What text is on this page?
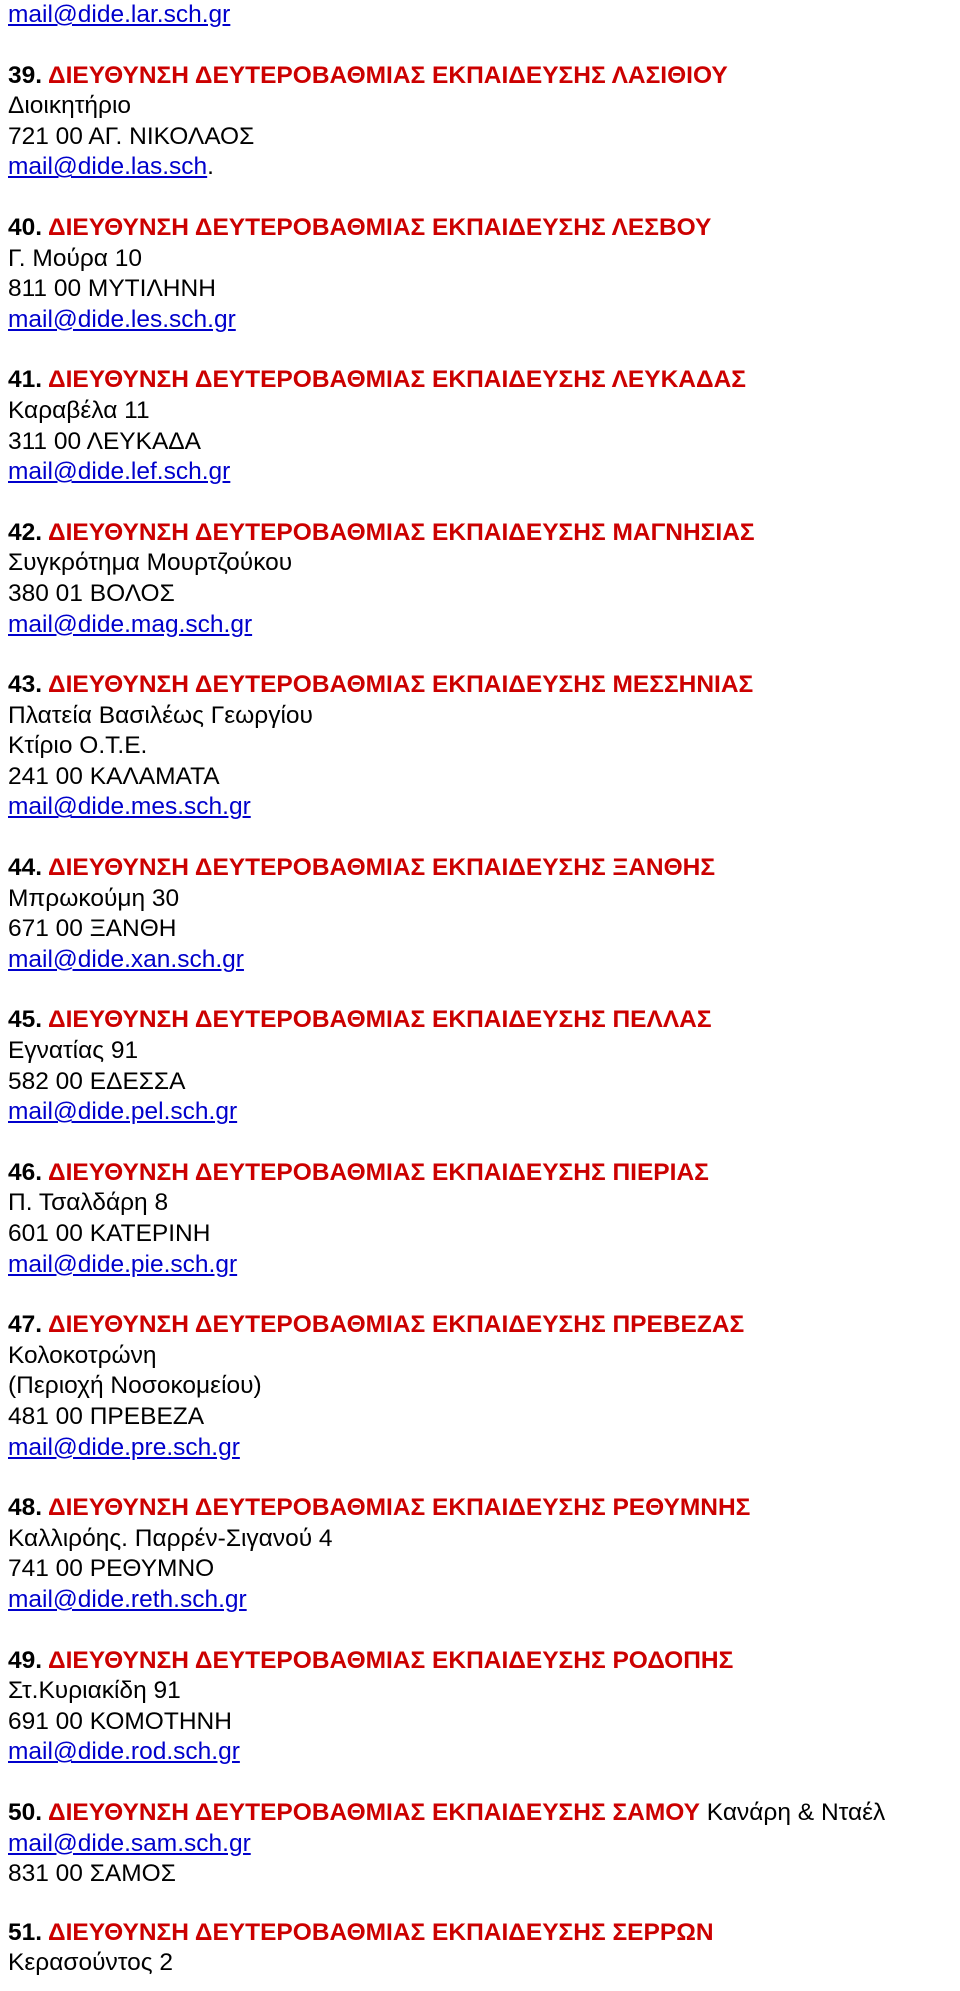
mail@dide.lar.sch.gr
39. ΔΙΕΥΘΥΝΣΗ ΔΕΥΤΕΡΟΒΑΘΜΙΑΣ ΕΚΠΑΙΔΕΥΣΗΣ ΛΑΣΙΘΙΟΥ
Διοικητήριο
721 00 ΑΓ. ΝΙΚΟΛΑΟΣ
mail@dide.las.sch.
40. ΔΙΕΥΘΥΝΣΗ ΔΕΥΤΕΡΟΒΑΘΜΙΑΣ ΕΚΠΑΙΔΕΥΣΗΣ ΛΕΣΒΟΥ
Γ. Μούρα 10
811 00 ΜΥΤΙΛΗΝΗ
mail@dide.les.sch.gr
41. ΔΙΕΥΘΥΝΣΗ ΔΕΥΤΕΡΟΒΑΘΜΙΑΣ ΕΚΠΑΙΔΕΥΣΗΣ ΛΕΥΚΑΔΑΣ
Καραβέλα 11
311 00 ΛΕΥΚΑΔΑ
mail@dide.lef.sch.gr
42. ΔΙΕΥΘΥΝΣΗ ΔΕΥΤΕΡΟΒΑΘΜΙΑΣ ΕΚΠΑΙΔΕΥΣΗΣ ΜΑΓΝΗΣΙΑΣ
Συγκρότημα Μουρτζούκου
380 01 ΒΟΛΟΣ
mail@dide.mag.sch.gr
43. ΔΙΕΥΘΥΝΣΗ ΔΕΥΤΕΡΟΒΑΘΜΙΑΣ ΕΚΠΑΙΔΕΥΣΗΣ ΜΕΣΣΗΝΙΑΣ
Πλατεία Βασιλέως Γεωργίου
Κτίριο Ο.Τ.Ε.
241 00 ΚΑΛΑΜΑΤΑ
mail@dide.mes.sch.gr
44. ΔΙΕΥΘΥΝΣΗ ΔΕΥΤΕΡΟΒΑΘΜΙΑΣ ΕΚΠΑΙΔΕΥΣΗΣ ΞΑΝΘΗΣ
Μπρωκούμη 30
671 00 ΞΑΝΘΗ
mail@dide.xan.sch.gr
45. ΔΙΕΥΘΥΝΣΗ ΔΕΥΤΕΡΟΒΑΘΜΙΑΣ ΕΚΠΑΙΔΕΥΣΗΣ ΠΕΛΛΑΣ
Εγνατίας 91
582 00 ΕΔΕΣΣΑ
mail@dide.pel.sch.gr
46. ΔΙΕΥΘΥΝΣΗ ΔΕΥΤΕΡΟΒΑΘΜΙΑΣ ΕΚΠΑΙΔΕΥΣΗΣ ΠΙΕΡΙΑΣ
Π. Τσαλδάρη 8
601 00 ΚΑΤΕΡΙΝΗ
mail@dide.pie.sch.gr
47. ΔΙΕΥΘΥΝΣΗ ΔΕΥΤΕΡΟΒΑΘΜΙΑΣ ΕΚΠΑΙΔΕΥΣΗΣ ΠΡΕΒΕΖΑΣ
Κολοκοτρώνη
(Περιοχή Νοσοκομείου)
481 00 ΠΡΕΒΕΖΑ
mail@dide.pre.sch.gr
48. ΔΙΕΥΘΥΝΣΗ ΔΕΥΤΕΡΟΒΑΘΜΙΑΣ ΕΚΠΑΙΔΕΥΣΗΣ ΡΕΘΥΜΝΗΣ
Καλλιρόης. Παρρέν-Σιγανού 4
741 00 ΡΕΘΥΜΝΟ
mail@dide.reth.sch.gr
49. ΔΙΕΥΘΥΝΣΗ ΔΕΥΤΕΡΟΒΑΘΜΙΑΣ ΕΚΠΑΙΔΕΥΣΗΣ ΡΟΔΟΠΗΣ
Στ.Κυριακίδη 91
691 00 ΚΟΜΟΤΗΝΗ
mail@dide.rod.sch.gr
50. ΔΙΕΥΘΥΝΣΗ ΔΕΥΤΕΡΟΒΑΘΜΙΑΣ ΕΚΠΑΙΔΕΥΣΗΣ ΣΑΜΟΥ Κανάρη & Νταέλ
mail@dide.sam.sch.gr
831 00 ΣΑΜΟΣ
51. ΔΙΕΥΘΥΝΣΗ ΔΕΥΤΕΡΟΒΑΘΜΙΑΣ ΕΚΠΑΙΔΕΥΣΗΣ ΣΕΡΡΩΝ
Κερασούντος 2
